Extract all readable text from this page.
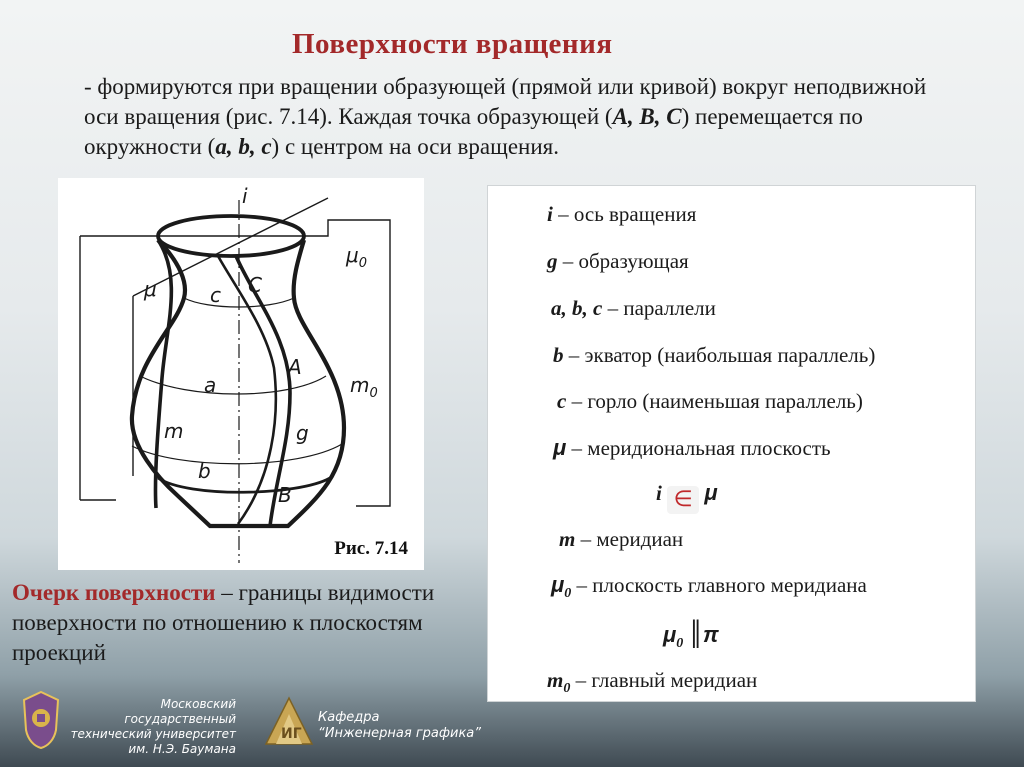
Поверхности вращения
- формируются при вращении образующей (прямой или кривой) вокруг неподвижной оси вращения (рис. 7.14). Каждая точка образующей (A, B, C) перемещается по окружности (a, b, c) с центром на оси вращения.
i
$\mu_0$
μ	c C
a
A
$m_0$
m	g
b
B
Рис. 7.14
Очерк поверхности – границы видимости поверхности по отношению к плоскостям проекций
i – ось вращения
g – образующая
a, b, c – параллели
b – экватор (наибольшая параллель)
c – горло (наименьшая параллель)
μ – меридиональная плоскость
i ∈ μ
m – меридиан
$\mu_0$ – плоскость главного меридиана
$\mu_0$ ║π
$m_0$ – главный меридиан
Московский государственный
технический университет
им. Н.Э. Баумана
ИГ
Кафедра
“Инженерная графика”
